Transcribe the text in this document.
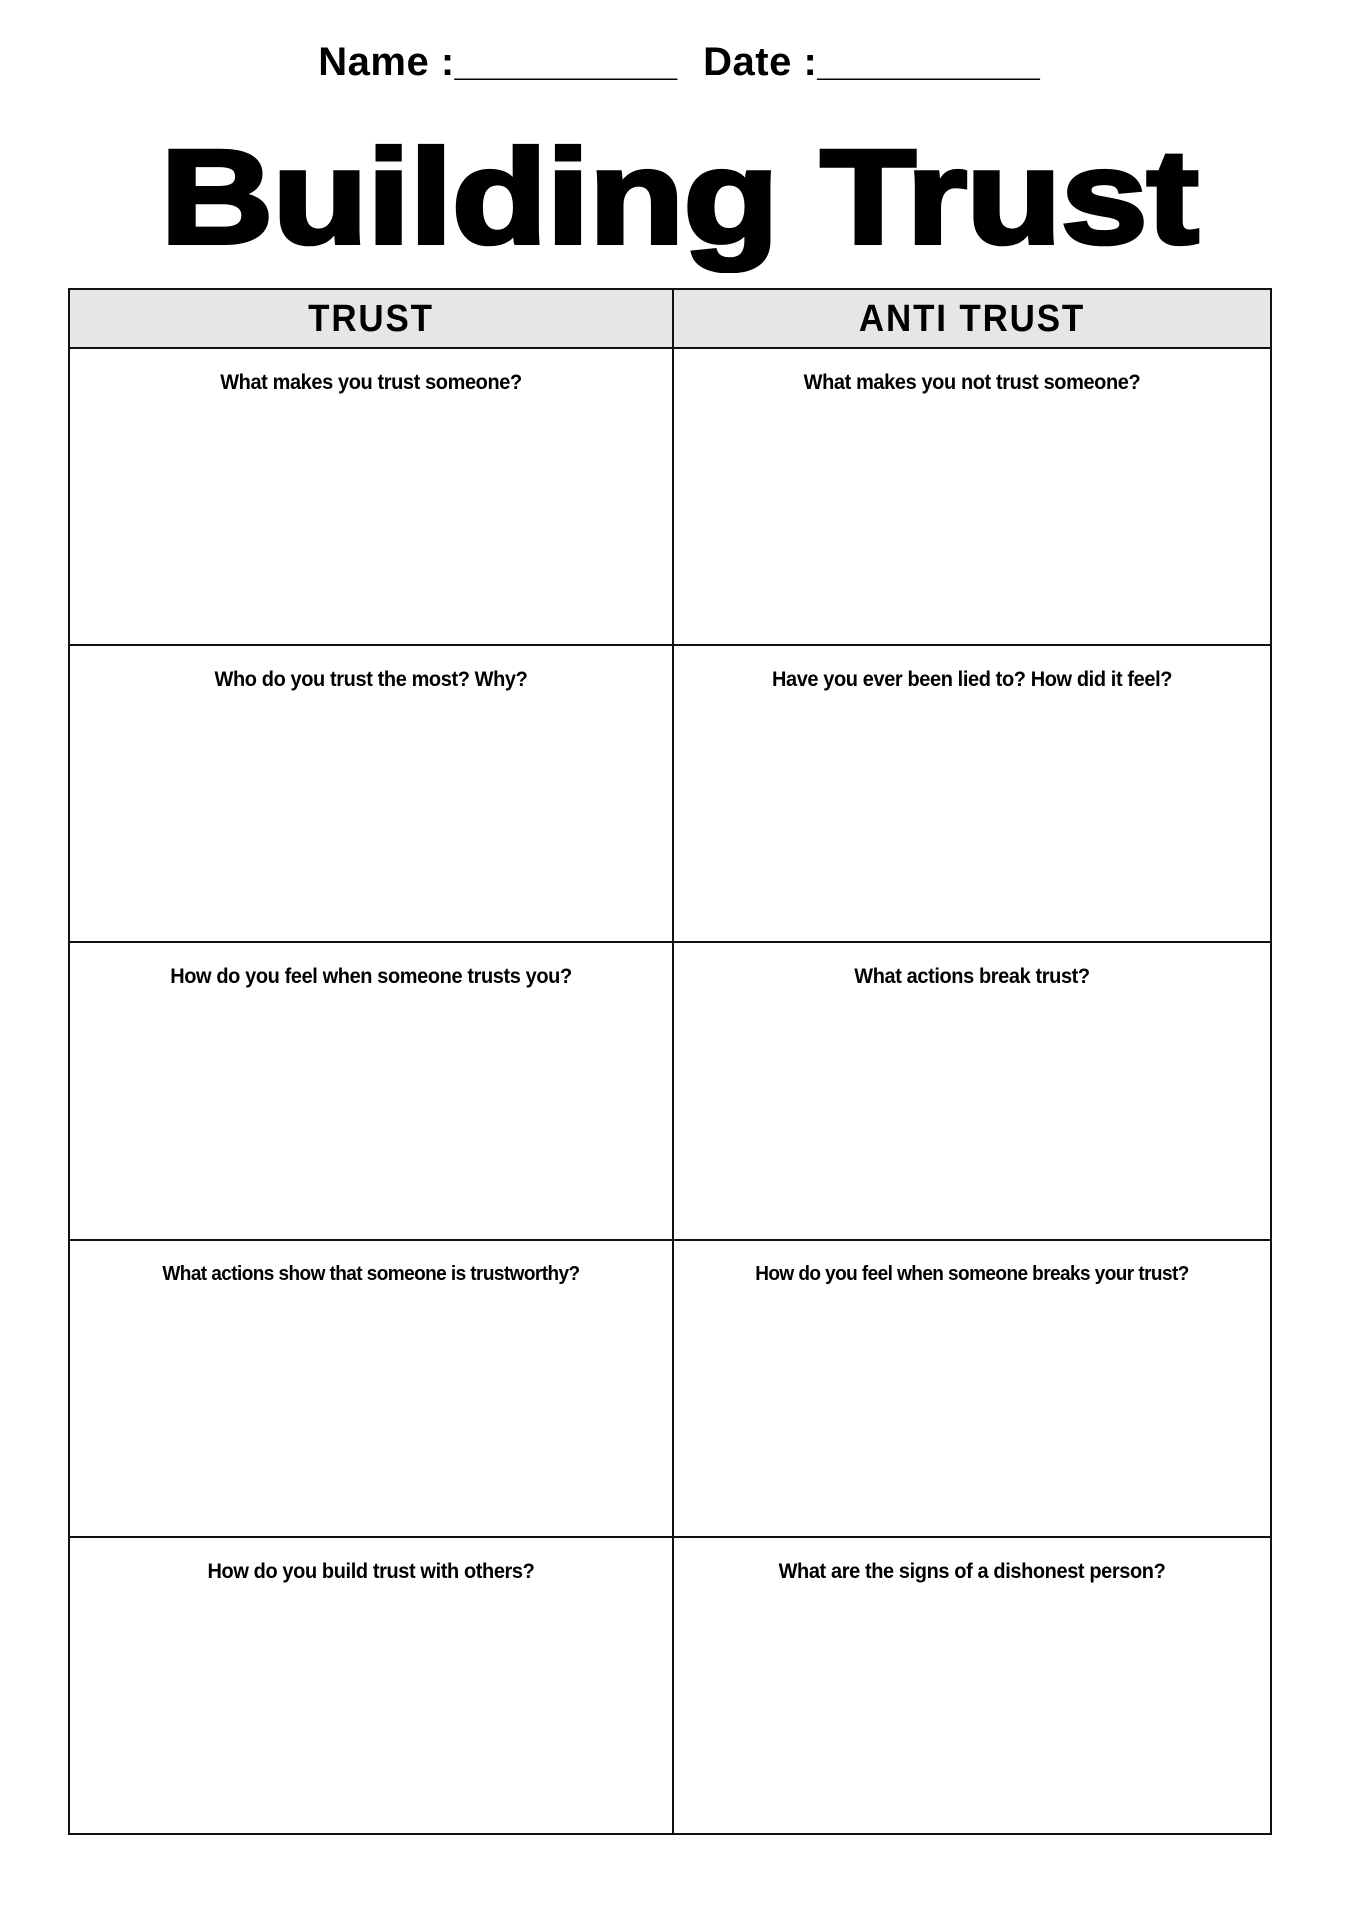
Name :__________ Date :__________
Building Trust
TRUST	ANTI TRUST

What makes you trust someone?	What makes you not trust someone?

Who do you trust the most? Why?	Have you ever been lied to? How did it feel?

How do you feel when someone trusts you?	What actions break trust?

What actions show that someone is trustworthy?	How do you feel when someone breaks your trust?

How do you build trust with others?	What are the signs of a dishonest person?
